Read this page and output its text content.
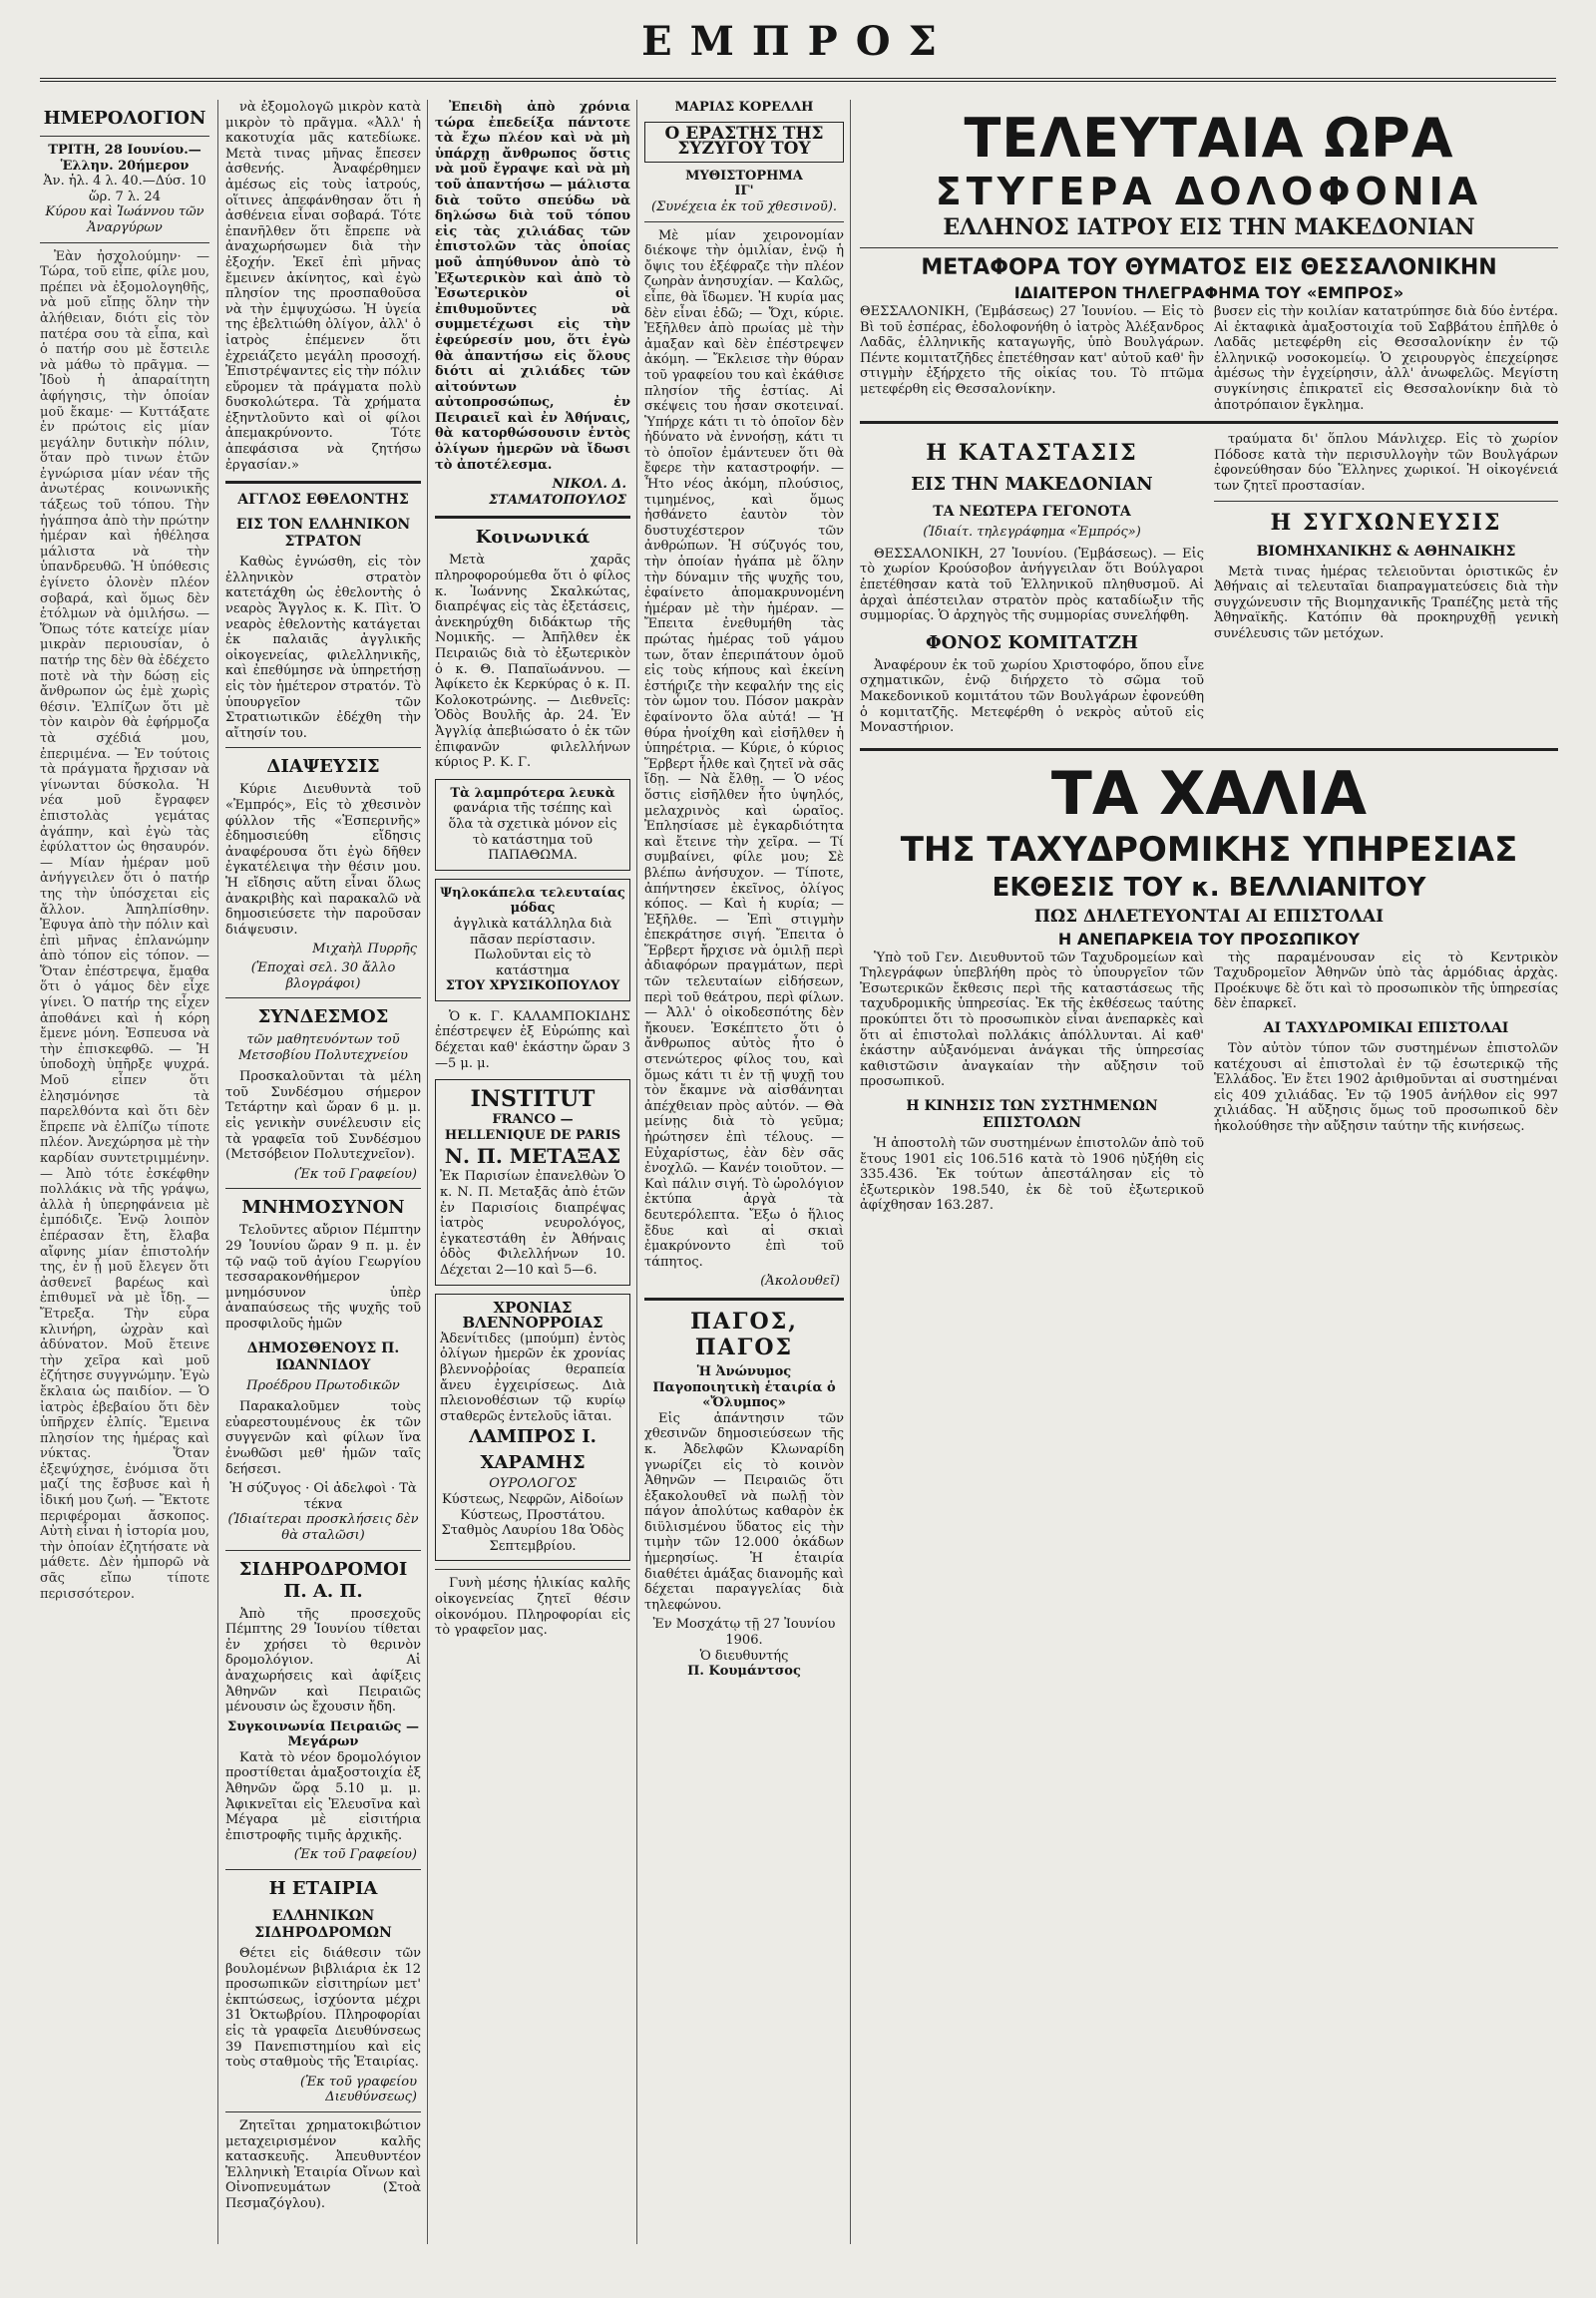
ΕΜΠΡΟΣ
ΗΜΕΡΟΛΟΓΙΟΝ
ΤΡΙΤΗ, 28 Ιουνίου.—Ἑλλην. 20ήμερον
Ἀν. ἡλ. 4 λ. 40.—Δύσ. 10 ὥρ. 7 λ. 24
Κύρου καὶ Ἰωάννου τῶν Ἀναργύρων

Ἐὰν ἠσχολούμην· — Τώρα, τοῦ εἶπε, φίλε μου, πρέπει νὰ ἐξομολογηθῆς, νὰ μοῦ εἴπῃς ὅλην τὴν ἀλήθειαν, διότι εἰς τὸν πατέρα σου τὰ εἶπα, καὶ ὁ πατήρ σου μὲ ἔστειλε νὰ μάθω τὸ πρᾶγμα. — Ἰδοὺ ἡ ἀπαραίτητη ἀφήγησις, τὴν ὁποίαν μοῦ ἔκαμε· — Κυττάξατε ἐν πρώτοις εἰς μίαν μεγάλην δυτικὴν πόλιν, ὅταν πρὸ τινων ἐτῶν ἐγνώρισα μίαν νέαν τῆς ἀνωτέρας κοινωνικῆς τάξεως τοῦ τόπου. Τὴν ἠγάπησα ἀπὸ τὴν πρώτην ἡμέραν καὶ ἠθέλησα μάλιστα νὰ τὴν ὑπανδρευθῶ. Ἡ ὑπόθεσις ἐγίνετο ὁλονὲν πλέον σοβαρά, καὶ ὅμως δὲν ἐτόλμων νὰ ὁμιλήσω. — Ὅπως τότε κατείχε μίαν μικρὰν περιουσίαν, ὁ πατήρ της δὲν θὰ ἐδέχετο ποτὲ νὰ τὴν δώσῃ εἰς ἄνθρωπον ὡς ἐμὲ χωρὶς θέσιν. Ἐλπίζων ὅτι μὲ τὸν καιρὸν θὰ ἐφήρμοζα τὰ σχέδιά μου, ἐπεριμένα. — Ἐν τούτοις τὰ πράγματα ἤρχισαν νὰ γίνωνται δύσκολα. Ἡ νέα μοῦ ἔγραφεν ἐπιστολὰς γεμάτας ἀγάπην, καὶ ἐγὼ τὰς ἐφύλαττον ὡς θησαυρόν. — Μίαν ἡμέραν μοῦ ἀνήγγειλεν ὅτι ὁ πατήρ της τὴν ὑπόσχεται εἰς ἄλλον. Ἀπηλπίσθην. Ἐφυγα ἀπὸ τὴν πόλιν καὶ ἐπὶ μῆνας ἐπλανώμην ἀπὸ τόπον εἰς τόπον. — Ὅταν ἐπέστρεψα, ἔμαθα ὅτι ὁ γάμος δὲν εἶχε γίνει. Ὁ πατήρ της εἶχεν ἀποθάνει καὶ ἡ κόρη ἔμενε μόνη. Ἐσπευσα νὰ τὴν ἐπισκεφθῶ. — Ἡ ὑποδοχὴ ὑπῆρξε ψυχρά. Μοῦ εἶπεν ὅτι ἐλησμόνησε τὰ παρελθόντα καὶ ὅτι δὲν ἔπρεπε νὰ ἐλπίζω τίποτε πλέον. Ἀνεχώρησα μὲ τὴν καρδίαν συντετριμμένην. — Ἀπὸ τότε ἐσκέφθην πολλάκις νὰ τῆς γράψω, ἀλλὰ ἡ ὑπερηφάνεια μὲ ἐμπόδιζε. Ἐνῷ λοιπὸν ἐπέρασαν ἔτη, ἔλαβα αἴφνης μίαν ἐπιστολήν της, ἐν ᾗ μοῦ ἔλεγεν ὅτι ἀσθενεῖ βαρέως καὶ ἐπιθυμεῖ νὰ μὲ ἴδῃ. — Ἔτρεξα. Τὴν εὗρα κλινήρη, ὠχρὰν καὶ ἀδύνατον. Μοῦ ἔτεινε τὴν χεῖρα καὶ μοῦ ἐζήτησε συγγνώμην. Ἐγὼ ἔκλαια ὡς παιδίον. — Ὁ ἰατρὸς ἐβεβαίου ὅτι δὲν ὑπῆρχεν ἐλπίς. Ἔμεινα πλησίον της ἡμέρας καὶ νύκτας. Ὅταν ἐξεψύχησε, ἐνόμισα ὅτι μαζί της ἔσβυσε καὶ ἡ ἰδική μου ζωή. — Ἔκτοτε περιφέρομαι ἄσκοπος. Αὐτὴ εἶναι ἡ ἱστορία μου, τὴν ὁποίαν ἐζητήσατε νὰ μάθετε. Δὲν ἠμπορῶ νὰ σᾶς εἴπω τίποτε περισσότερον.

νὰ ἐξομολογῶ μικρὸν κατὰ μικρὸν τὸ πρᾶγμα. «Ἀλλ' ἡ κακοτυχία μᾶς κατεδίωκε. Μετὰ τινας μῆνας ἔπεσεν ἀσθενής. Ἀναφέρθημεν ἀμέσως εἰς τοὺς ἰατρούς, οἵτινες ἀπεφάνθησαν ὅτι ἡ ἀσθένεια εἶναι σοβαρά. Τότε ἐπανῆλθεν ὅτι ἔπρεπε νὰ ἀναχωρήσωμεν διὰ τὴν ἐξοχήν. Ἐκεῖ ἐπὶ μῆνας ἔμεινεν ἀκίνητος, καὶ ἐγὼ πλησίον της προσπαθοῦσα νὰ τὴν ἐμψυχώσω. Ἡ ὑγεία της ἐβελτιώθη ὀλίγον, ἀλλ' ὁ ἰατρὸς ἐπέμενεν ὅτι ἐχρειάζετο μεγάλη προσοχή. Ἐπιστρέψαντες εἰς τὴν πόλιν εὕρομεν τὰ πράγματα πολὺ δυσκολώτερα. Τὰ χρήματα ἐξηντλοῦντο καὶ οἱ φίλοι ἀπεμακρύνοντο. Τότε ἀπεφάσισα νὰ ζητήσω ἐργασίαν.»

ΑΓΓΛΟΣ ΕΘΕΛΟΝΤΗΣ
ΕΙΣ ΤΟΝ ΕΛΛΗΝΙΚΟΝ ΣΤΡΑΤΟΝ

Καθὼς ἐγνώσθη, εἰς τὸν ἑλληνικὸν στρατὸν κατετάχθη ὡς ἐθελοντὴς ὁ νεαρὸς Ἄγγλος κ. Κ. Πὶτ. Ὁ νεαρὸς ἐθελοντὴς κατάγεται ἐκ παλαιᾶς ἀγγλικῆς οἰκογενείας, φιλελληνικῆς, καὶ ἐπεθύμησε νὰ ὑπηρετήσῃ εἰς τὸν ἡμέτερον στρατόν. Τὸ ὑπουργεῖον τῶν Στρατιωτικῶν ἐδέχθη τὴν αἴτησίν του.

ΔΙΑΨΕΥΣΙΣ

Κύριε Διευθυντὰ τοῦ «Ἐμπρός», Εἰς τὸ χθεσινὸν φύλλον τῆς «Ἑσπερινῆς» ἐδημοσιεύθη εἴδησις ἀναφέρουσα ὅτι ἐγὼ δῆθεν ἐγκατέλειψα τὴν θέσιν μου. Ἡ εἴδησις αὕτη εἶναι ὅλως ἀνακριβὴς καὶ παρακαλῶ νὰ δημοσιεύσετε τὴν παροῦσαν διάψευσιν.

Μιχαὴλ Πυρρῆς
(Ἐποχαὶ σελ. 30 ἄλλο βλογράφοι)
ΣΥΝΔΕΣΜΟΣ
τῶν μαθητευόντων τοῦ Μετσοβίου Πολυτεχνείου

Προσκαλοῦνται τὰ μέλη τοῦ Συνδέσμου σήμερον Τετάρτην καὶ ὥραν 6 μ. μ. εἰς γενικὴν συνέλευσιν εἰς τὰ γραφεῖα τοῦ Συνδέσμου (Μετσόβειον Πολυτεχνεῖον).

(Ἐκ τοῦ Γραφείου)
ΜΝΗΜΟΣΥΝΟΝ

Τελοῦντες αὔριον Πέμπτην 29 Ἰουνίου ὥραν 9 π. μ. ἐν τῷ ναῷ τοῦ ἁγίου Γεωργίου τεσσαρακονθήμερον μνημόσυνον ὑπὲρ ἀναπαύσεως τῆς ψυχῆς τοῦ προσφιλοῦς ἡμῶν

ΔΗΜΟΣΘΕΝΟΥΣ Π. ΙΩΑΝΝΙΔΟΥ
Προέδρου Πρωτοδικῶν

Παρακαλοῦμεν τοὺς εὐαρεστουμένους ἐκ τῶν συγγενῶν καὶ φίλων ἵνα ἐνωθῶσι μεθ' ἡμῶν ταῖς δεήσεσι.

Ἡ σύζυγος · Οἱ ἀδελφοὶ · Τὰ τέκνα
(Ἰδιαίτεραι προσκλήσεις δὲν θὰ σταλῶσι)
ΣΙΔΗΡΟΔΡΟΜΟΙ Π. Α. Π.

Ἀπὸ τῆς προσεχοῦς Πέμπτης 29 Ἰουνίου τίθεται ἐν χρήσει τὸ θερινὸν δρομολόγιον. Αἱ ἀναχωρήσεις καὶ ἀφίξεις Ἀθηνῶν καὶ Πειραιῶς μένουσιν ὡς ἔχουσιν ἤδη.

Συγκοινωνία Πειραιῶς — Μεγάρων

Κατὰ τὸ νέον δρομολόγιον προστίθεται ἀμαξοστοιχία ἐξ Ἀθηνῶν ὥρᾳ 5.10 μ. μ. Ἀφικνεῖται εἰς Ἐλευσῖνα καὶ Μέγαρα μὲ εἰσιτήρια ἐπιστροφῆς τιμῆς ἀρχικῆς.

(Ἐκ τοῦ Γραφείου)
Η ΕΤΑΙΡΙΑ
ΕΛΛΗΝΙΚΩΝ ΣΙΔΗΡΟΔΡΟΜΩΝ

Θέτει εἰς διάθεσιν τῶν βουλομένων βιβλιάρια ἐκ 12 προσωπικῶν εἰσιτηρίων μετ' ἐκπτώσεως, ἰσχύοντα μέχρι 31 Ὀκτωβρίου. Πληροφορίαι εἰς τὰ γραφεῖα Διευθύνσεως 39 Πανεπιστημίου καὶ εἰς τοὺς σταθμοὺς τῆς Ἑταιρίας.

(Ἐκ τοῦ γραφείου Διευθύνσεως)

Ζητεῖται χρηματοκιβώτιον μεταχειρισμένον καλῆς κατασκευῆς. Ἀπευθυντέον Ἑλληνικὴ Ἑταιρία Οἴνων καὶ Οἰνοπνευμάτων (Στοὰ Πεσμαζόγλου).

Ἐπειδὴ ἀπὸ χρόνια τώρα ἐπεδείξα πάντοτε τὰ ἔχω πλέον καὶ νὰ μὴ ὑπάρχῃ ἄνθρωπος ὅστις νὰ μοῦ ἔγραψε καὶ νὰ μὴ τοῦ ἀπαντήσω — μάλιστα διὰ τοῦτο σπεύδω νὰ δηλώσω διὰ τοῦ τόπου εἰς τὰς χιλιάδας τῶν ἐπιστολῶν τὰς ὁποίας μοῦ ἀπηύθυνον ἀπὸ τὸ Ἐξωτερικὸν καὶ ἀπὸ τὸ Ἐσωτερικὸν οἱ ἐπιθυμοῦντες νὰ συμμετέχωσι εἰς τὴν ἐφεύρεσίν μου, ὅτι ἐγὼ θὰ ἀπαντήσω εἰς ὅλους διότι αἱ χιλιάδες τῶν αἰτούντων αὐτοπροσώπως, ἐν Πειραιεῖ καὶ ἐν Ἀθήναις, θὰ κατορθώσουσιν ἐντὸς ὀλίγων ἡμερῶν νὰ ἴδωσι τὸ ἀποτέλεσμα.

ΝΙΚΟΛ. Δ. ΣΤΑΜΑΤΟΠΟΥΛΟΣ
Κοινωνικά

Μετὰ χαρᾶς πληροφορούμεθα ὅτι ὁ φίλος κ. Ἰωάννης Σκαλκώτας, διαπρέψας εἰς τὰς ἐξετάσεις, ἀνεκηρύχθη διδάκτωρ τῆς Νομικῆς. — Ἀπῆλθεν ἐκ Πειραιῶς διὰ τὸ ἐξωτερικὸν ὁ κ. Θ. Παπαϊωάννου. — Ἀφίκετο ἐκ Κερκύρας ὁ κ. Π. Κολοκοτρώνης. — Διεθνεῖς: Ὁδὸς Βουλῆς ἀρ. 24. Ἐν Ἀγγλίᾳ ἀπεβιώσατο ὁ ἐκ τῶν ἐπιφανῶν φιλελλήνων κύριος Ρ. Κ. Γ.

Τὰ λαμπρότερα λευκὰ
φανάρια τῆς τσέπης καὶ ὅλα τὰ σχετικὰ μόνον εἰς τὸ κατάστημα τοῦ ΠΑΠΑΘΩΜΑ.
Ψηλοκάπελα τελευταίας μόδας
ἀγγλικὰ κατάλληλα διὰ πᾶσαν περίστασιν. Πωλοῦνται εἰς τὸ κατάστημα
ΣΤΟΥ ΧΡΥΣΙΚΟΠΟΥΛΟΥ

Ὁ κ. Γ. ΚΑΛΑΜΠΟΚΙΔΗΣ ἐπέστρεψεν ἐξ Εὐρώπης καὶ δέχεται καθ' ἑκάστην ὥραν 3—5 μ. μ.

INSTITUT
FRANCO — HELLENIQUE DE PARIS
Ν. Π. ΜΕΤΑΞΑΣ
Ἐκ Παρισίων ἐπανελθὼν Ὁ κ. Ν. Π. Μεταξᾶς ἀπὸ ἑτῶν ἐν Παρισίοις διαπρέψας ἰατρὸς νευρολόγος, ἐγκατεστάθη ἐν Ἀθήναις ὁδὸς Φιλελλήνων 10. Δέχεται 2—10 καὶ 5—6.
ΧΡΟΝΙΑΣ ΒΛΕΝΝΟΡΡΟΙΑΣ
Ἀδενίτιδες (μπούμπ) ἐντὸς ὀλίγων ἡμερῶν ἐκ χρονίας βλεννοῤῥοίας θεραπεία ἄνευ ἐγχειρίσεως. Διὰ πλειονοθέσιων τῷ κυρίῳ σταθερῶς ἐντελοῦς ἰᾶται.
ΛΑΜΠΡΟΣ Ι. ΧΑΡΑΜΗΣ
ΟΥΡΟΛΟΓΟΣ
Κύστεως, Νεφρῶν, Αἰδοίων Κύστεως, Προστάτου. Σταθμὸς Λαυρίου 18α Ὁδὸς Σεπτεμβρίου.

Γυνὴ μέσης ἡλικίας καλῆς οἰκογενείας ζητεῖ θέσιν οἰκονόμου. Πληροφορίαι εἰς τὸ γραφεῖον μας.

ΜΑΡΙΑΣ ΚΟΡΕΛΛΗ
Ο ΕΡΑΣΤΗΣ ΤΗΣ ΣΥΖΥΓΟΥ ΤΟΥ
ΜΥΘΙΣΤΟΡΗΜΑ
ΙΓ'
(Συνέχεια ἐκ τοῦ χθεσινοῦ).

Μὲ μίαν χειρονομίαν διέκοψε τὴν ὁμιλίαν, ἐνῷ ἡ ὄψις του ἐξέφραζε τὴν πλέον ζωηρὰν ἀνησυχίαν. — Καλῶς, εἶπε, θὰ ἴδωμεν. Ἡ κυρία μας δὲν εἶναι ἐδῶ; — Ὄχι, κύριε. Ἐξῆλθεν ἀπὸ πρωίας μὲ τὴν ἀμαξαν καὶ δὲν ἐπέστρεψεν ἀκόμη. — Ἔκλεισε τὴν θύραν τοῦ γραφείου του καὶ ἐκάθισε πλησίον τῆς ἑστίας. Αἱ σκέψεις του ἦσαν σκοτειναί. Ὑπήρχε κάτι τι τὸ ὁποῖον δὲν ἠδύνατο νὰ ἐννοήσῃ, κάτι τι τὸ ὁποῖον ἐμάντευεν ὅτι θὰ ἔφερε τὴν καταστροφήν. — Ἦτο νέος ἀκόμη, πλούσιος, τιμημένος, καὶ ὅμως ἠσθάνετο ἑαυτὸν τὸν δυστυχέστερον τῶν ἀνθρώπων. Ἡ σύζυγός του, τὴν ὁποίαν ἠγάπα μὲ ὅλην τὴν δύναμιν τῆς ψυχῆς του, ἐφαίνετο ἀπομακρυνομένη ἡμέραν μὲ τὴν ἡμέραν. — Ἔπειτα ἐνεθυμήθη τὰς πρώτας ἡμέρας τοῦ γάμου των, ὅταν ἐπεριπάτουν ὁμοῦ εἰς τοὺς κήπους καὶ ἐκείνη ἐστήριζε τὴν κεφαλήν της εἰς τὸν ὦμον του. Πόσον μακρὰν ἐφαίνοντο ὅλα αὐτά! — Ἡ θύρα ἠνοίχθη καὶ εἰσῆλθεν ἡ ὑπηρέτρια. — Κύριε, ὁ κύριος Ἕρβερτ ἦλθε καὶ ζητεῖ νὰ σᾶς ἴδῃ. — Νὰ ἔλθῃ. — Ὁ νέος ὅστις εἰσῆλθεν ἦτο ὑψηλός, μελαχρινὸς καὶ ὡραῖος. Ἐπλησίασε μὲ ἐγκαρδιότητα καὶ ἔτεινε τὴν χεῖρα. — Τί συμβαίνει, φίλε μου; Σὲ βλέπω ἀνήσυχον. — Τίποτε, ἀπήντησεν ἐκεῖνος, ὀλίγος κόπος. — Καὶ ἡ κυρία; — Ἐξῆλθε. — Ἐπὶ στιγμὴν ἐπεκράτησε σιγή. Ἔπειτα ὁ Ἕρβερτ ἤρχισε νὰ ὁμιλῇ περὶ ἀδιαφόρων πραγμάτων, περὶ τῶν τελευταίων εἰδήσεων, περὶ τοῦ θεάτρου, περὶ φίλων. — Ἀλλ' ὁ οἰκοδεσπότης δὲν ἤκουεν. Ἐσκέπτετο ὅτι ὁ ἄνθρωπος αὐτὸς ἦτο ὁ στενώτερος φίλος του, καὶ ὅμως κάτι τι ἐν τῇ ψυχῇ του τὸν ἔκαμνε νὰ αἰσθάνηται ἀπέχθειαν πρὸς αὐτόν. — Θὰ μείνῃς διὰ τὸ γεῦμα; ἠρώτησεν ἐπὶ τέλους. — Εὐχαρίστως, ἐὰν δὲν σᾶς ἐνοχλῶ. — Κανέν τοιοῦτον. — Καὶ πάλιν σιγή. Τὸ ὡρολόγιον ἐκτύπα ἀργὰ τὰ δευτερόλεπτα. Ἔξω ὁ ἥλιος ἔδυε καὶ αἱ σκιαὶ ἐμακρύνοντο ἐπὶ τοῦ τάπητος.

(Ἀκολουθεῖ)
ΠΑΓΟΣ, ΠΑΓΟΣ
Ἡ Ἀνώνυμος Παγοποιητικὴ ἑταιρία ὁ «Ὄλυμπος»

Εἰς ἀπάντησιν τῶν χθεσινῶν δημοσιεύσεων τῆς κ. Ἀδελφῶν Κλωναρίδη γνωρίζει εἰς τὸ κοινὸν Ἀθηνῶν — Πειραιῶς ὅτι ἐξακολουθεῖ νὰ πωλῇ τὸν πάγον ἀπολύτως καθαρὸν ἐκ διϋλισμένου ὕδατος εἰς τὴν τιμὴν τῶν 12.000 ὀκάδων ἡμερησίως. Ἡ ἑταιρία διαθέτει ἁμάξας διανομῆς καὶ δέχεται παραγγελίας διὰ τηλεφώνου.

Ἐν Μοσχάτῳ τῇ 27 Ἰουνίου 1906.
Ὁ διευθυντής
Π. Κουμάντσος
ΤΕΛΕΥΤΑΙΑ ΩΡΑ
ΣΤΥΓΕΡΑ ΔΟΛΟΦΟΝΙΑ
ΕΛΛΗΝΟΣ ΙΑΤΡΟΥ ΕΙΣ ΤΗΝ ΜΑΚΕΔΟΝΙΑΝ
ΜΕΤΑΦΟΡΑ ΤΟΥ ΘΥΜΑΤΟΣ ΕΙΣ ΘΕΣΣΑΛΟΝΙΚΗΝ
ΙΔΙΑΙΤΕΡΟΝ ΤΗΛΕΓΡΑΦΗΜΑ ΤΟΥ «ΕΜΠΡΟΣ»
ΘΕΣΣΑΛΟΝΙΚΗ, (Ἐμβάσεως) 27 Ἰουνίου. — Εἰς τὸ Βὶ τοῦ ἐσπέρας, ἐδολοφονήθη ὁ ἰατρὸς Ἀλέξανδρος Λαδᾶς, ἑλληνικῆς καταγωγῆς, ὑπὸ Βουλγάρων. Πέντε κομιτατζῆδες ἐπετέθησαν κατ' αὐτοῦ καθ' ἣν στιγμὴν ἐξήρχετο τῆς οἰκίας του. Τὸ πτῶμα μετεφέρθη εἰς Θεσσαλονίκην.
βυσεν εἰς τὴν κοιλίαν κατατρύπησε διὰ δύο ἐντέρα. Αἱ ἐκταφικὰ ἀμαξοστοιχία τοῦ Σαββάτου ἐπῆλθε ὁ Λαδᾶς μετεφέρθη εἰς Θεσσαλονίκην ἐν τῷ ἑλληνικῷ νοσοκομείῳ. Ὁ χειρουργὸς ἐπεχείρησε ἀμέσως τὴν ἐγχείρησιν, ἀλλ' ἀνωφελῶς. Μεγίστη συγκίνησις ἐπικρατεῖ εἰς Θεσσαλονίκην διὰ τὸ ἀποτρόπαιον ἔγκλημα.
Η ΚΑΤΑΣΤΑΣΙΣ
ΕΙΣ ΤΗΝ ΜΑΚΕΔΟΝΙΑΝ
ΤΑ ΝΕΩΤΕΡΑ ΓΕΓΟΝΟΤΑ
(Ἰδιαίτ. τηλεγράφημα «Ἐμπρός»)

ΘΕΣΣΑΛΟΝΙΚΗ, 27 Ἰουνίου. (Ἐμβάσεως). — Εἰς τὸ χωρίον Κρούσοβον ἀνήγγειλαν ὅτι Βούλγαροι ἐπετέθησαν κατὰ τοῦ Ἑλληνικοῦ πληθυσμοῦ. Αἱ ἀρχαὶ ἀπέστειλαν στρατὸν πρὸς καταδίωξιν τῆς συμμορίας. Ὁ ἀρχηγὸς τῆς συμμορίας συνελήφθη.

ΦΟΝΟΣ ΚΟΜΙΤΑΤΖΗ

Ἀναφέρουν ἐκ τοῦ χωρίου Χριστοφόρο, ὅπου εἶνε σχηματικῶν, ἐνῷ διήρχετο τὸ σῶμα τοῦ Μακεδονικοῦ κομιτάτου τῶν Βουλγάρων ἐφονεύθη ὁ κομιτατζῆς. Μετεφέρθη ὁ νεκρὸς αὐτοῦ εἰς Μοναστήριον.

τραύματα δι' ὅπλου Μάνλιχερ. Εἰς τὸ χωρίον Πόδοσε κατὰ τὴν περισυλλογὴν τῶν Βουλγάρων ἐφονεύθησαν δύο Ἕλληνες χωρικοί. Ἡ οἰκογένειά των ζητεῖ προστασίαν.

Η ΣΥΓΧΩΝΕΥΣΙΣ
ΒΙΟΜΗΧΑΝΙΚΗΣ & ΑΘΗΝΑΙΚΗΣ

Μετὰ τινας ἡμέρας τελειοῦνται ὁριστικῶς ἐν Ἀθήναις αἱ τελευταῖαι διαπραγματεύσεις διὰ τὴν συγχώνευσιν τῆς Βιομηχανικῆς Τραπέζης μετὰ τῆς Ἀθηναϊκῆς. Κατόπιν θὰ προκηρυχθῇ γενικὴ συνέλευσις τῶν μετόχων.

ΤΑ ΧΑΛΙΑ
ΤΗΣ ΤΑΧΥΔΡΟΜΙΚΗΣ ΥΠΗΡΕΣΙΑΣ
ΕΚΘΕΣΙΣ ΤΟΥ κ. ΒΕΛΛΙΑΝΙΤΟΥ
ΠΩΣ ΔΗΛΕΤΕΥΟΝΤΑΙ ΑΙ ΕΠΙΣΤΟΛΑΙ
Η ΑΝΕΠΑΡΚΕΙΑ ΤΟΥ ΠΡΟΣΩΠΙΚΟΥ

Ὑπὸ τοῦ Γεν. Διευθυντοῦ τῶν Ταχυδρομείων καὶ Τηλεγράφων ὑπεβλήθη πρὸς τὸ ὑπουργεῖον τῶν Ἐσωτερικῶν ἔκθεσις περὶ τῆς καταστάσεως τῆς ταχυδρομικῆς ὑπηρεσίας. Ἐκ τῆς ἐκθέσεως ταύτης προκύπτει ὅτι τὸ προσωπικὸν εἶναι ἀνεπαρκὲς καὶ ὅτι αἱ ἐπιστολαὶ πολλάκις ἀπόλλυνται. Αἱ καθ' ἑκάστην αὐξανόμεναι ἀνάγκαι τῆς ὑπηρεσίας καθιστῶσιν ἀναγκαίαν τὴν αὔξησιν τοῦ προσωπικοῦ.

Η ΚΙΝΗΣΙΣ ΤΩΝ ΣΥΣΤΗΜΕΝΩΝ ΕΠΙΣΤΟΛΩΝ

Ἡ ἀποστολὴ τῶν συστημένων ἐπιστολῶν ἀπὸ τοῦ ἔτους 1901 εἰς 106.516 κατὰ τὸ 1906 ηὐξήθη εἰς 335.436. Ἐκ τούτων ἀπεστάλησαν εἰς τὸ ἐξωτερικὸν 198.540, ἐκ δὲ τοῦ ἐξωτερικοῦ ἀφίχθησαν 163.287.

τὴς παραμένουσαν εἰς τὸ Κεντρικὸν Ταχυδρομεῖον Ἀθηνῶν ὑπὸ τὰς ἁρμόδιας ἀρχὰς. Προέκυψε δὲ ὅτι καὶ τὸ προσωπικὸν τῆς ὑπηρεσίας δὲν ἐπαρκεῖ.

ΑΙ ΤΑΧΥΔΡΟΜΙΚΑΙ ΕΠΙΣΤΟΛΑΙ

Τὸν αὐτὸν τύπον τῶν συστημένων ἐπιστολῶν κατέχουσι αἱ ἐπιστολαὶ ἐν τῷ ἐσωτερικῷ τῆς Ἑλλάδος. Ἐν ἔτει 1902 ἀριθμοῦνται αἱ συστημέναι εἰς 409 χιλιάδας. Ἐν τῷ 1905 ἀνήλθον εἰς 997 χιλιάδας. Ἡ αὔξησις ὅμως τοῦ προσωπικοῦ δὲν ἠκολούθησε τὴν αὔξησιν ταύτην τῆς κινήσεως.
